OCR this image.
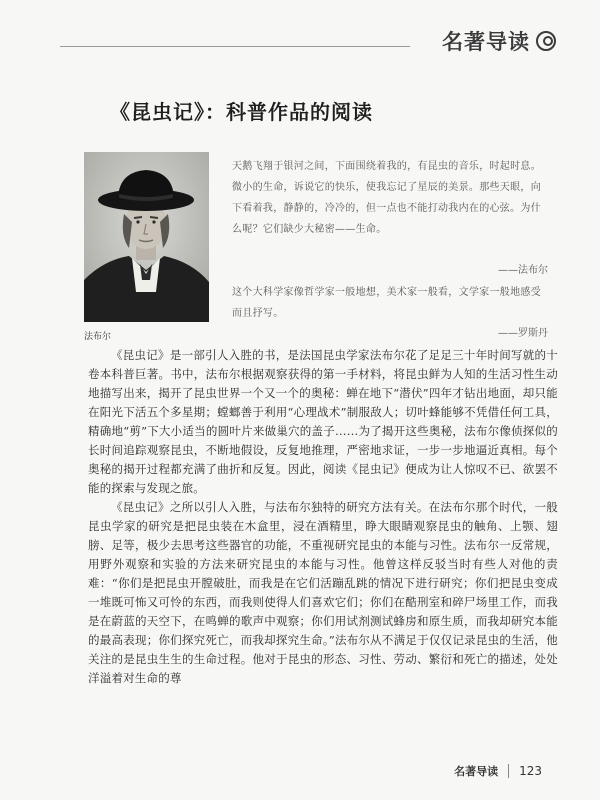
名著导读
《昆虫记》：科普作品的阅读
法布尔

天鹅飞翔于银河之间，下面围绕着我的，有昆虫的音乐，时起时息。微小的生命，诉说它的快乐，使我忘记了星辰的美景。那些天眼，向下看着我，静静的，冷冷的，但一点也不能打动我内在的心弦。为什么呢？它们缺少大秘密——生命。

——法布尔

这个大科学家像哲学家一般地想，美术家一般看，文学家一般地感受而且抒写。

——罗斯丹

《昆虫记》是一部引人入胜的书，是法国昆虫学家法布尔花了足足三十年时间写就的十卷本科普巨著。书中，法布尔根据观察获得的第一手材料，将昆虫鲜为人知的生活习性生动地描写出来，揭开了昆虫世界一个又一个的奥秘：蝉在地下“潜伏”四年才钻出地面，却只能在阳光下活五个多星期；螳螂善于利用“心理战术”制服敌人；切叶蜂能够不凭借任何工具，精确地“剪”下大小适当的圆叶片来做巢穴的盖子……为了揭开这些奥秘，法布尔像侦探似的长时间追踪观察昆虫，不断地假设，反复地推理，严密地求证，一步一步地逼近真相。每个奥秘的揭开过程都充满了曲折和反复。因此，阅读《昆虫记》便成为让人惊叹不已、欲罢不能的探索与发现之旅。

《昆虫记》之所以引人入胜，与法布尔独特的研究方法有关。在法布尔那个时代，一般昆虫学家的研究是把昆虫装在木盒里，浸在酒精里，睁大眼睛观察昆虫的触角、上颚、翅膀、足等，极少去思考这些器官的功能，不重视研究昆虫的本能与习性。法布尔一反常规，用野外观察和实验的方法来研究昆虫的本能与习性。他曾这样反驳当时有些人对他的责难：“你们是把昆虫开膛破肚，而我是在它们活蹦乱跳的情况下进行研究；你们把昆虫变成一堆既可怖又可怜的东西，而我则使得人们喜欢它们；你们在酷刑室和碎尸场里工作，而我是在蔚蓝的天空下，在鸣蝉的歌声中观察；你们用试剂测试蜂房和原生质，而我却研究本能的最高表现；你们探究死亡，而我却探究生命。”法布尔从不满足于仅仅记录昆虫的生活，他关注的是昆虫生生的生命过程。他对于昆虫的形态、习性、劳动、繁衍和死亡的描述，处处洋溢着对生命的尊

名著导读 123
